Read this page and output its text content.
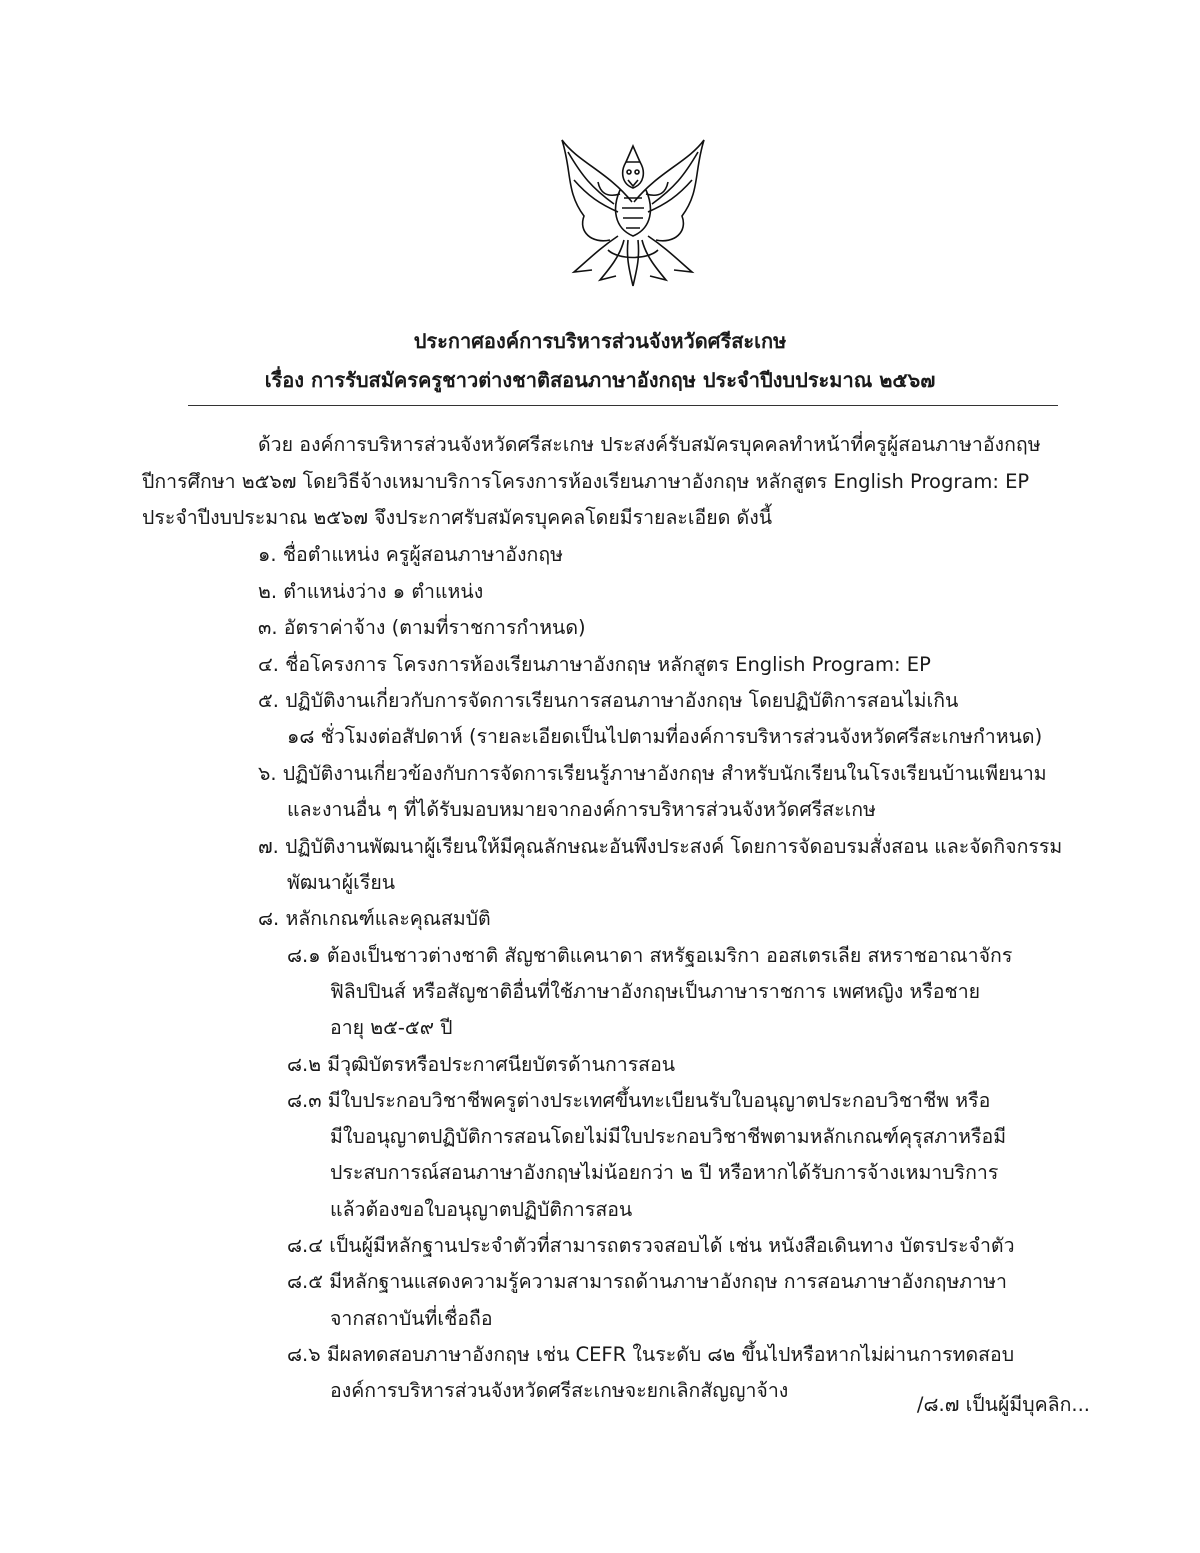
ประกาศองค์การบริหารส่วนจังหวัดศรีสะเกษ
เรื่อง การรับสมัครครูชาวต่างชาติสอนภาษาอังกฤษ ประจำปีงบประมาณ ๒๕๖๗
ด้วย องค์การบริหารส่วนจังหวัดศรีสะเกษ ประสงค์รับสมัครบุคคลทำหน้าที่ครูผู้สอนภาษาอังกฤษ
ปีการศึกษา ๒๕๖๗ โดยวิธีจ้างเหมาบริการโครงการห้องเรียนภาษาอังกฤษ หลักสูตร English Program: EP
ประจำปีงบประมาณ ๒๕๖๗ จึงประกาศรับสมัครบุคคลโดยมีรายละเอียด ดังนี้
๑. ชื่อตำแหน่ง ครูผู้สอนภาษาอังกฤษ
๒. ตำแหน่งว่าง ๑ ตำแหน่ง
๓. อัตราค่าจ้าง (ตามที่ราชการกำหนด)
๔. ชื่อโครงการ โครงการห้องเรียนภาษาอังกฤษ หลักสูตร English Program: EP
๕. ปฏิบัติงานเกี่ยวกับการจัดการเรียนการสอนภาษาอังกฤษ โดยปฏิบัติการสอนไม่เกิน
๑๘ ชั่วโมงต่อสัปดาห์ (รายละเอียดเป็นไปตามที่องค์การบริหารส่วนจังหวัดศรีสะเกษกำหนด)
๖. ปฏิบัติงานเกี่ยวข้องกับการจัดการเรียนรู้ภาษาอังกฤษ สำหรับนักเรียนในโรงเรียนบ้านเพียนาม
และงานอื่น ๆ ที่ได้รับมอบหมายจากองค์การบริหารส่วนจังหวัดศรีสะเกษ
๗. ปฏิบัติงานพัฒนาผู้เรียนให้มีคุณลักษณะอันพึงประสงค์ โดยการจัดอบรมสั่งสอน และจัดกิจกรรม
พัฒนาผู้เรียน
๘. หลักเกณฑ์และคุณสมบัติ
๘.๑ ต้องเป็นชาวต่างชาติ สัญชาติแคนาดา สหรัฐอเมริกา ออสเตรเลีย สหราชอาณาจักร
ฟิลิปปินส์ หรือสัญชาติอื่นที่ใช้ภาษาอังกฤษเป็นภาษาราชการ เพศหญิง หรือชาย
อายุ ๒๕-๕๙ ปี
๘.๒ มีวุฒิบัตรหรือประกาศนียบัตรด้านการสอน
๘.๓ มีใบประกอบวิชาชีพครูต่างประเทศขึ้นทะเบียนรับใบอนุญาตประกอบวิชาชีพ หรือ
มีใบอนุญาตปฏิบัติการสอนโดยไม่มีใบประกอบวิชาชีพตามหลักเกณฑ์คุรุสภาหรือมี
ประสบการณ์สอนภาษาอังกฤษไม่น้อยกว่า ๒ ปี หรือหากได้รับการจ้างเหมาบริการ
แล้วต้องขอใบอนุญาตปฏิบัติการสอน
๘.๔ เป็นผู้มีหลักฐานประจำตัวที่สามารถตรวจสอบได้ เช่น หนังสือเดินทาง บัตรประจำตัว
๘.๕ มีหลักฐานแสดงความรู้ความสามารถด้านภาษาอังกฤษ การสอนภาษาอังกฤษภาษา
จากสถาบันที่เชื่อถือ
๘.๖ มีผลทดสอบภาษาอังกฤษ เช่น CEFR ในระดับ ๘๒ ขึ้นไปหรือหากไม่ผ่านการทดสอบ
องค์การบริหารส่วนจังหวัดศรีสะเกษจะยกเลิกสัญญาจ้าง
/๘.๗ เป็นผู้มีบุคลิก...
